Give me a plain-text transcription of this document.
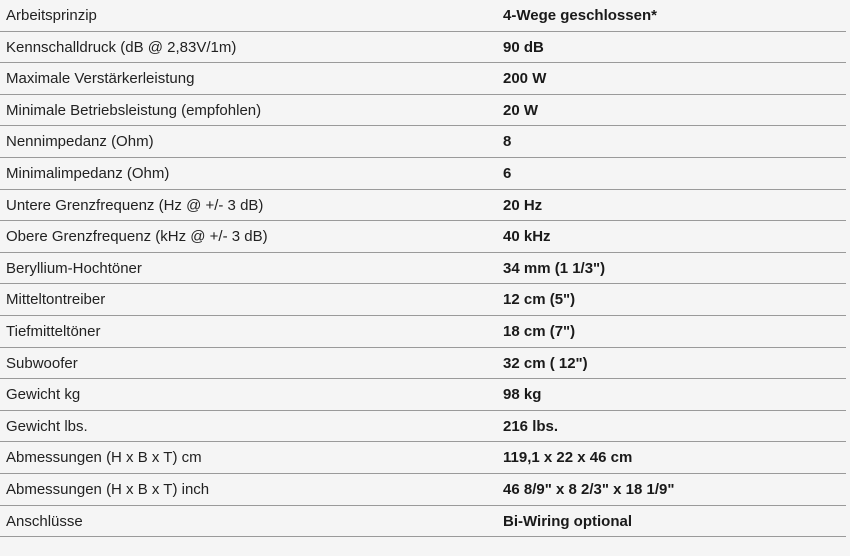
Arbeitsprinzip	4-Wege geschlossen*
Kennschalldruck (dB @ 2,83V/1m)	90 dB
Maximale Verstärkerleistung	200 W
Minimale Betriebsleistung (empfohlen)	20 W
Nennimpedanz (Ohm)	8
Minimalimpedanz (Ohm)	6
Untere Grenzfrequenz (Hz @ +/- 3 dB)	20 Hz
Obere Grenzfrequenz (kHz @ +/- 3 dB)	40 kHz
Beryllium-Hochtöner	34 mm (1 1/3")
Mitteltontreiber	12 cm (5")
Tiefmitteltöner	18 cm (7")
Subwoofer	32 cm ( 12")
Gewicht kg	98 kg
Gewicht lbs.	216 lbs.
Abmessungen (H x B x T) cm	119,1 x 22 x 46 cm
Abmessungen (H x B x T) inch	46 8/9" x 8 2/3" x 18 1/9"
Anschlüsse	Bi-Wiring optional
